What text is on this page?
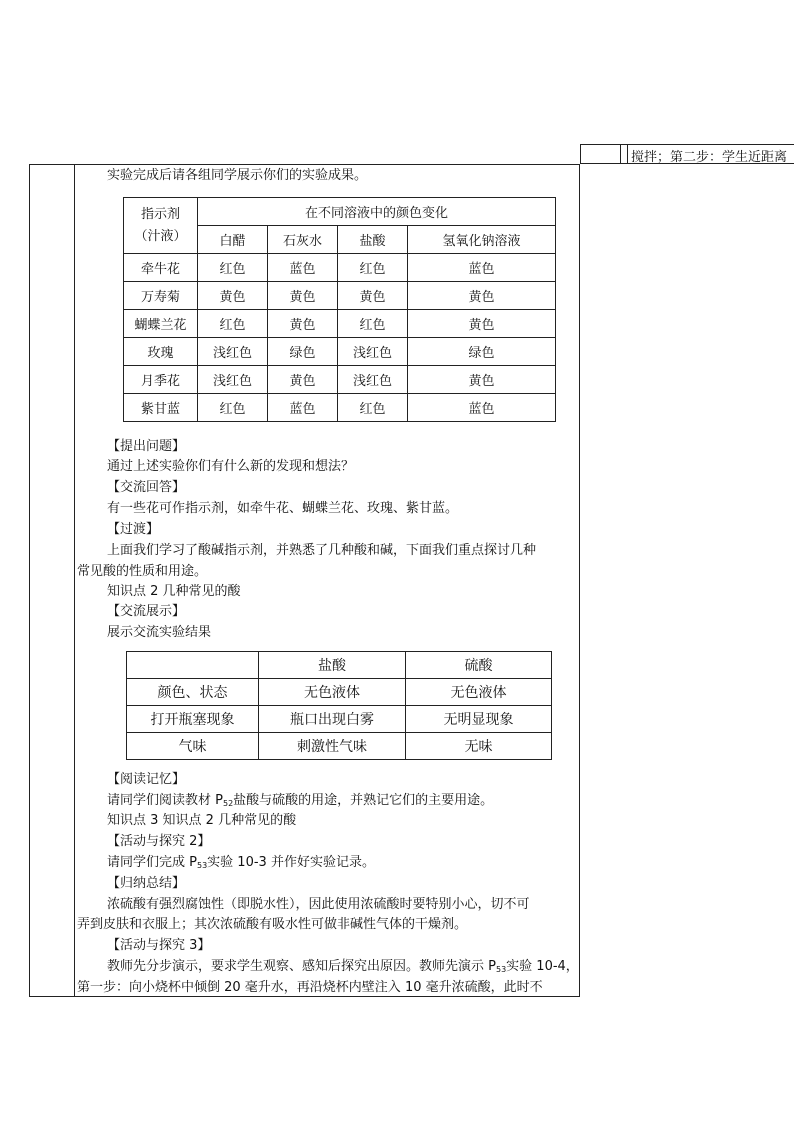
搅拌；第二步：学生近距离
实验完成后请各组同学展示你们的实验成果。
指示剂
（汁液）	在不同溶液中的颜色变化			
	白醋	石灰水	盐酸	氢氧化钠溶液
牵牛花	红色	蓝色	红色	蓝色
万寿菊	黄色	黄色	黄色	黄色
蝴蝶兰花	红色	黄色	红色	黄色
玫瑰	浅红色	绿色	浅红色	绿色
月季花	浅红色	黄色	浅红色	黄色
紫甘蓝	红色	蓝色	红色	蓝色
【提出问题】
通过上述实验你们有什么新的发现和想法？
【交流回答】
有一些花可作指示剂，如牵牛花、蝴蝶兰花、玫瑰、紫甘蓝。
【过渡】
上面我们学习了酸碱指示剂，并熟悉了几种酸和碱，下面我们重点探讨几种
常见酸的性质和用途。
知识点 2 几种常见的酸
【交流展示】
展示交流实验结果
	盐酸	硫酸
颜色、状态	无色液体	无色液体
打开瓶塞现象	瓶口出现白雾	无明显现象
气味	刺激性气味	无味
【阅读记忆】
请同学们阅读教材 $P_{52}$盐酸与硫酸的用途，并熟记它们的主要用途。
知识点 3 知识点 2 几种常见的酸
【活动与探究 2】
请同学们完成 $P_{53}$实验 10-3 并作好实验记录。
【归纳总结】
浓硫酸有强烈腐蚀性（即脱水性），因此使用浓硫酸时要特别小心，切不可
弄到皮肤和衣服上；其次浓硫酸有吸水性可做非碱性气体的干燥剂。
【活动与探究 3】
教师先分步演示，要求学生观察、感知后探究出原因。教师先演示 $P_{53}$实验 10-4，
第一步：向小烧杯中倾倒 20 毫升水，再沿烧杯内壁注入 10 毫升浓硫酸，此时不
